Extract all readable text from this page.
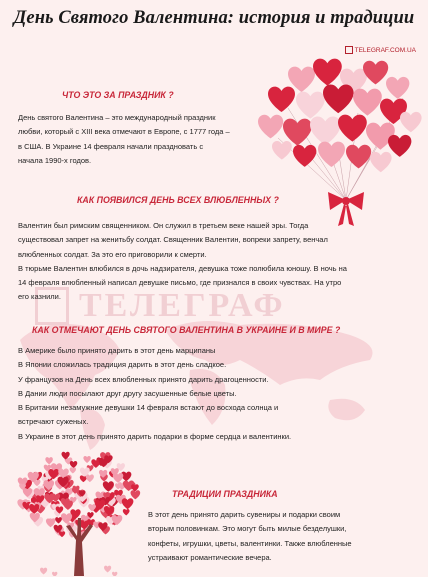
ТЕЛЕГРАФ
День Святого Валентина: история и традиции
TELEGRAF.COM.UA
ЧТО ЭТО ЗА ПРАЗДНИК ?
День святого Валентина – это международный праздник
любви, который с XIII века отмечают в Европе, с 1777 года –
в США. В Украине 14 февраля начали праздновать с
начала 1990-х годов.
КАК ПОЯВИЛСЯ ДЕНЬ ВСЕХ ВЛЮБЛЕННЫХ ?
Валентин был римским священником. Он служил в третьем веке нашей эры. Тогда
существовал запрет на женитьбу солдат. Священник Валентин, вопреки запрету, венчал
влюбленных солдат. За это его приговорили к смерти.
В тюрьме Валентин влюбился в дочь надзирателя, девушка тоже полюбила юношу. В ночь на
14 февраля влюбленный написал девушке письмо, где признался в своих чувствах. На утро
его казнили.
КАК ОТМЕЧАЮТ ДЕНЬ СВЯТОГО ВАЛЕНТИНА В УКРАИНЕ И В МИРЕ ?
В Америке было принято дарить в этот день марципаны
В Японии сложилась традиция дарить в этот день сладкое.
У французов на День всех влюбленных принято дарить драгоценности.
В Дании люди посылают друг другу засушенные белые цветы.
В Британии незамужние девушки 14 февраля встают до восхода солнца и
встречают суженых.
В Украине в этот день принято дарить подарки в форме сердца и валентинки.
ТРАДИЦИИ ПРАЗДНИКА
В этот день принято дарить сувениры и подарки своим
вторым половинкам. Это могут быть милые безделушки,
конфеты, игрушки, цветы, валентинки. Также влюбленные
устраивают романтические вечера.
